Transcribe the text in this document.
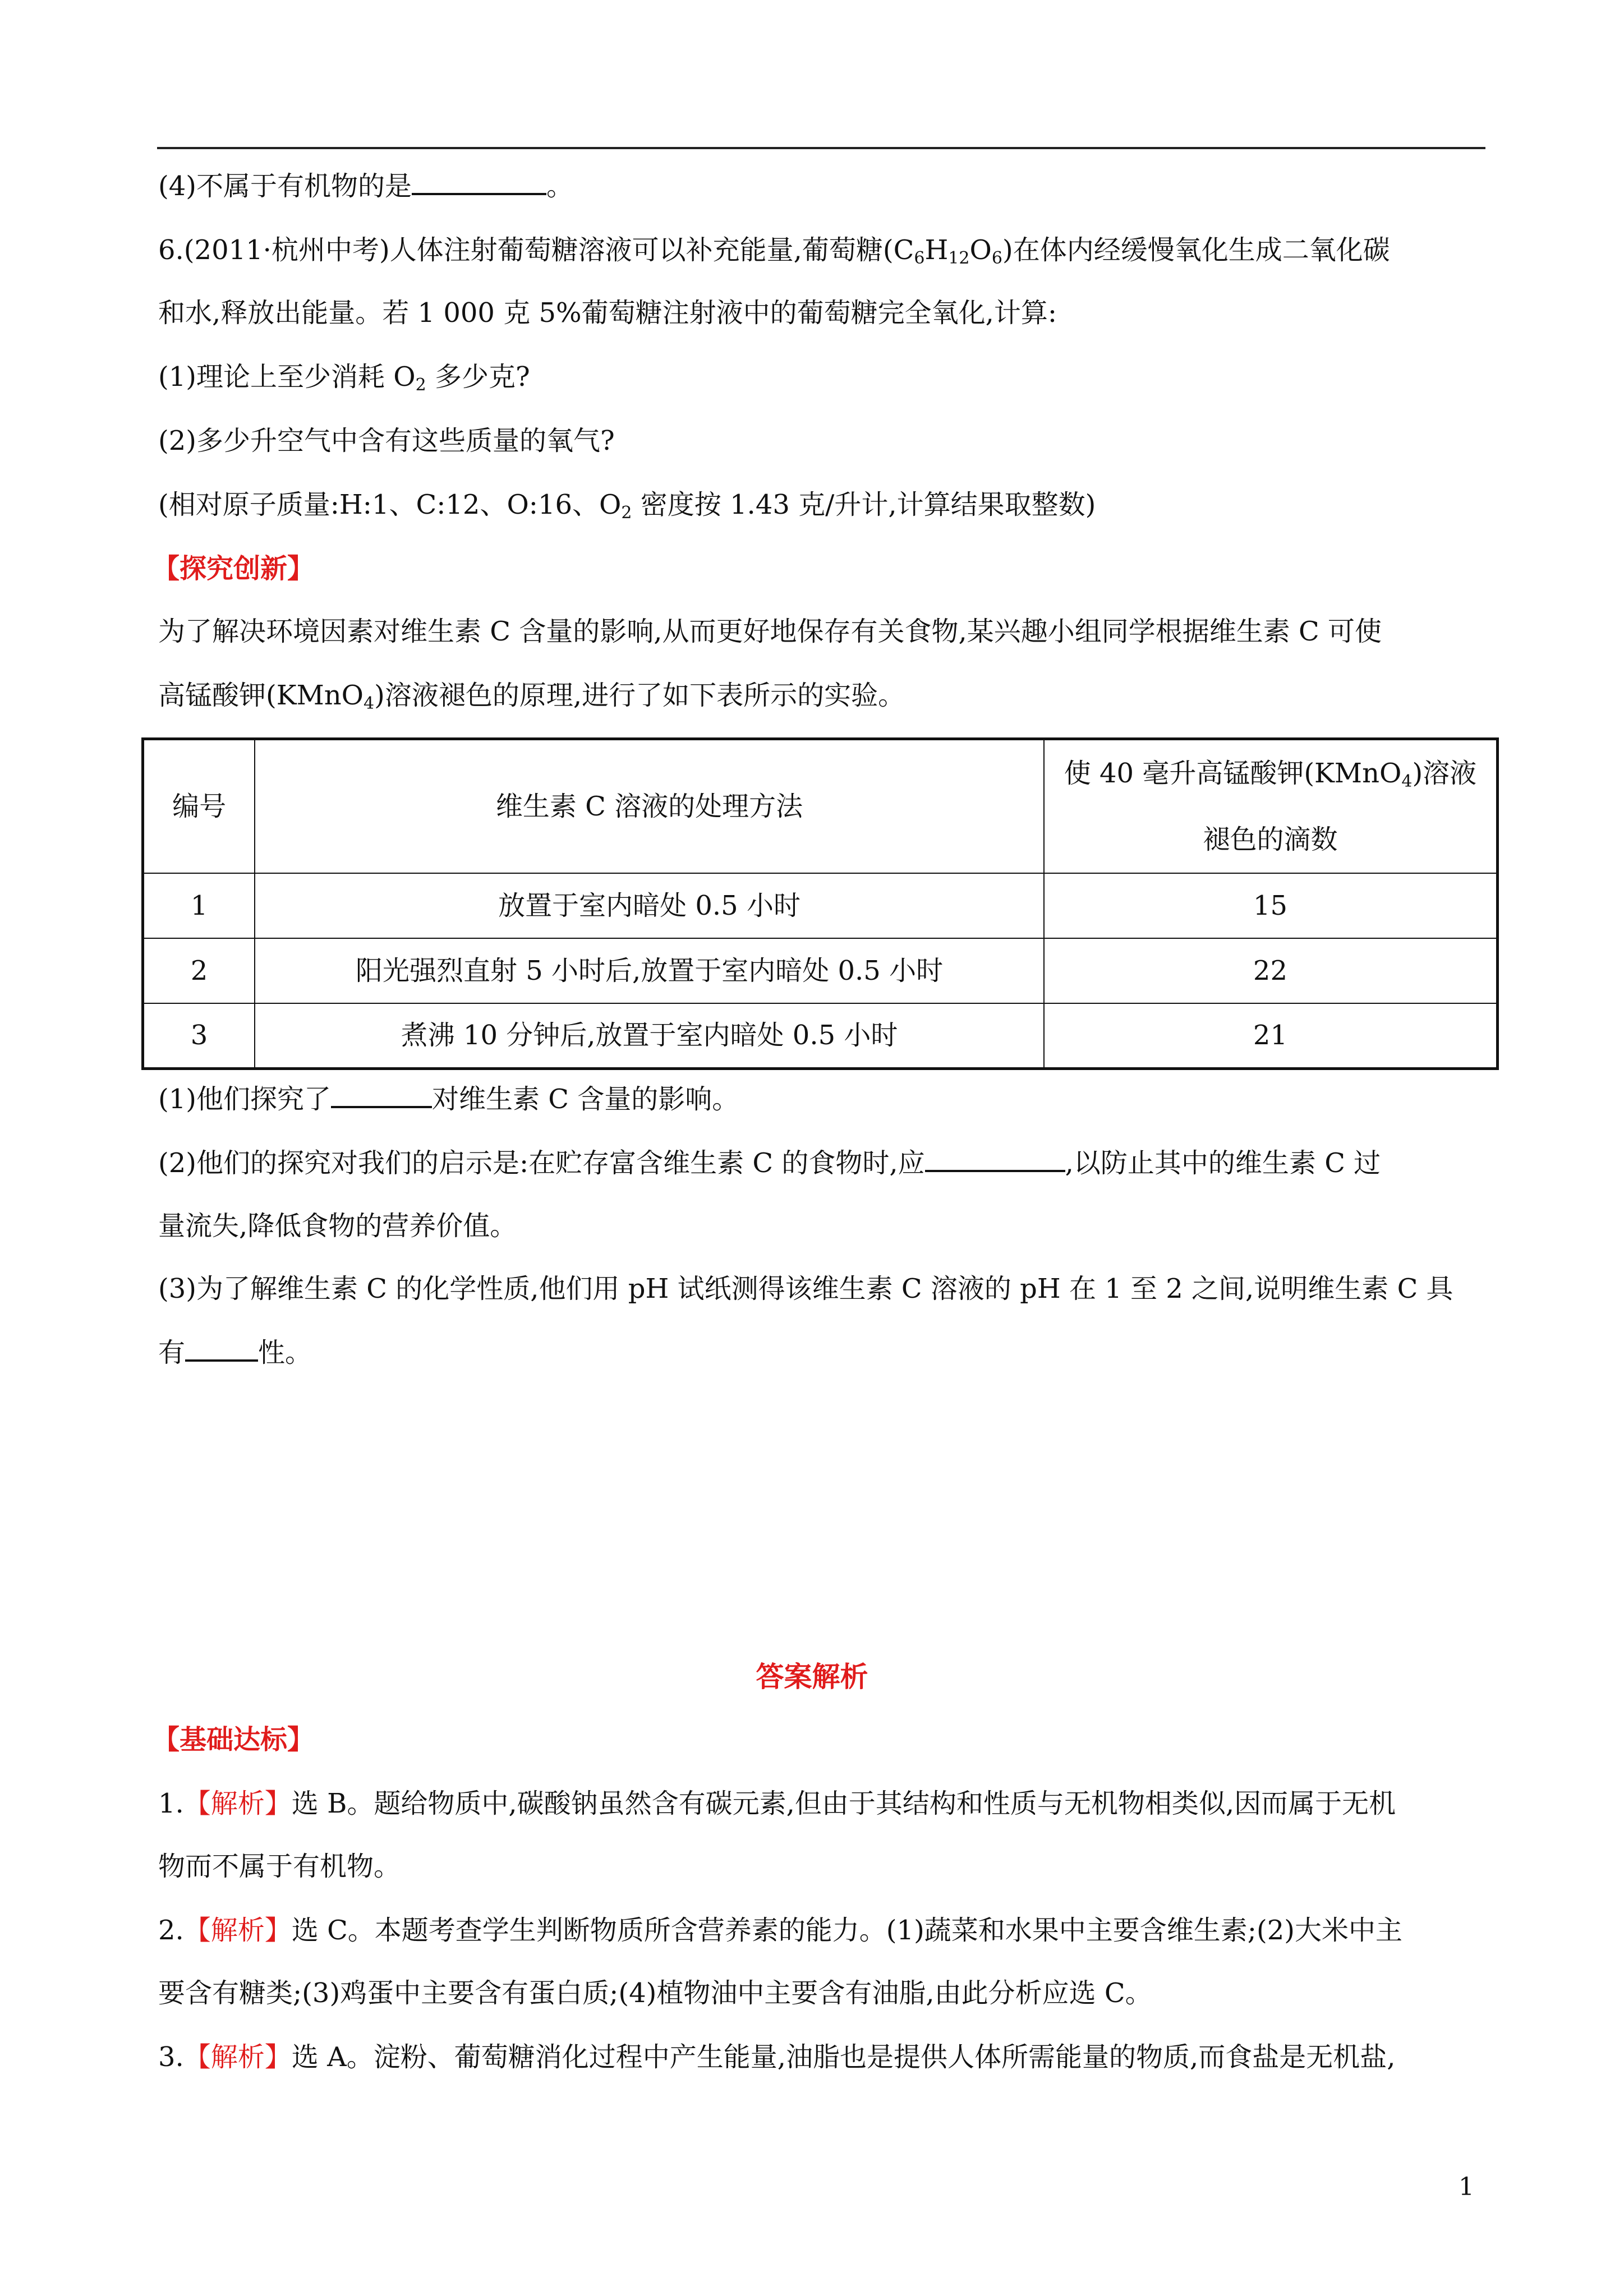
(4)不属于有机物的是	。
6.(2011·杭州中考)人体注射葡萄糖溶液可以补充能量,葡萄糖$(C_6H_{12}O_6)$在体内经缓慢氧化生成二氧化碳
和水,释放出能量。若 1 000 克 5%葡萄糖注射液中的葡萄糖完全氧化,计算:
(1)理论上至少消耗 $O_2$ 多少克?
(2)多少升空气中含有这些质量的氧气?
(相对原子质量:H:1、C:12、O:16、$O_2$ 密度按 1.43 克/升计,计算结果取整数)
【探究创新】
为了解决环境因素对维生素 C 含量的影响,从而更好地保存有关食物,某兴趣小组同学根据维生素 C 可使
高锰酸钾(KMnO$_4$)溶液褪色的原理,进行了如下表所示的实验。
编号	维生素 C 溶液的处理方法	使 40 毫升高锰酸钾(KMnO$_4$)溶液
褪色的滴数

1	放置于室内暗处 0.5 小时	15
2	阳光强烈直射 5 小时后,放置于室内暗处 0.5 小时	22
3	煮沸 10 分钟后,放置于室内暗处 0.5 小时	21
(1)他们探究了	对维生素 C 含量的影响。
(2)他们的探究对我们的启示是:在贮存富含维生素 C 的食物时,应	,以防止其中的维生素 C 过
量流失,降低食物的营养价值。
(3)为了解维生素 C 的化学性质,他们用 pH 试纸测得该维生素 C 溶液的 pH 在 1 至 2 之间,说明维生素 C 具
有	性。
答案解析
【基础达标】
1.【解析】选 B。题给物质中,碳酸钠虽然含有碳元素,但由于其结构和性质与无机物相类似,因而属于无机
物而不属于有机物。
2.【解析】选 C。本题考查学生判断物质所含营养素的能力。(1)蔬菜和水果中主要含维生素;(2)大米中主
要含有糖类;(3)鸡蛋中主要含有蛋白质;(4)植物油中主要含有油脂,由此分析应选 C。
3.【解析】选 A。淀粉、葡萄糖消化过程中产生能量,油脂也是提供人体所需能量的物质,而食盐是无机盐,
1
